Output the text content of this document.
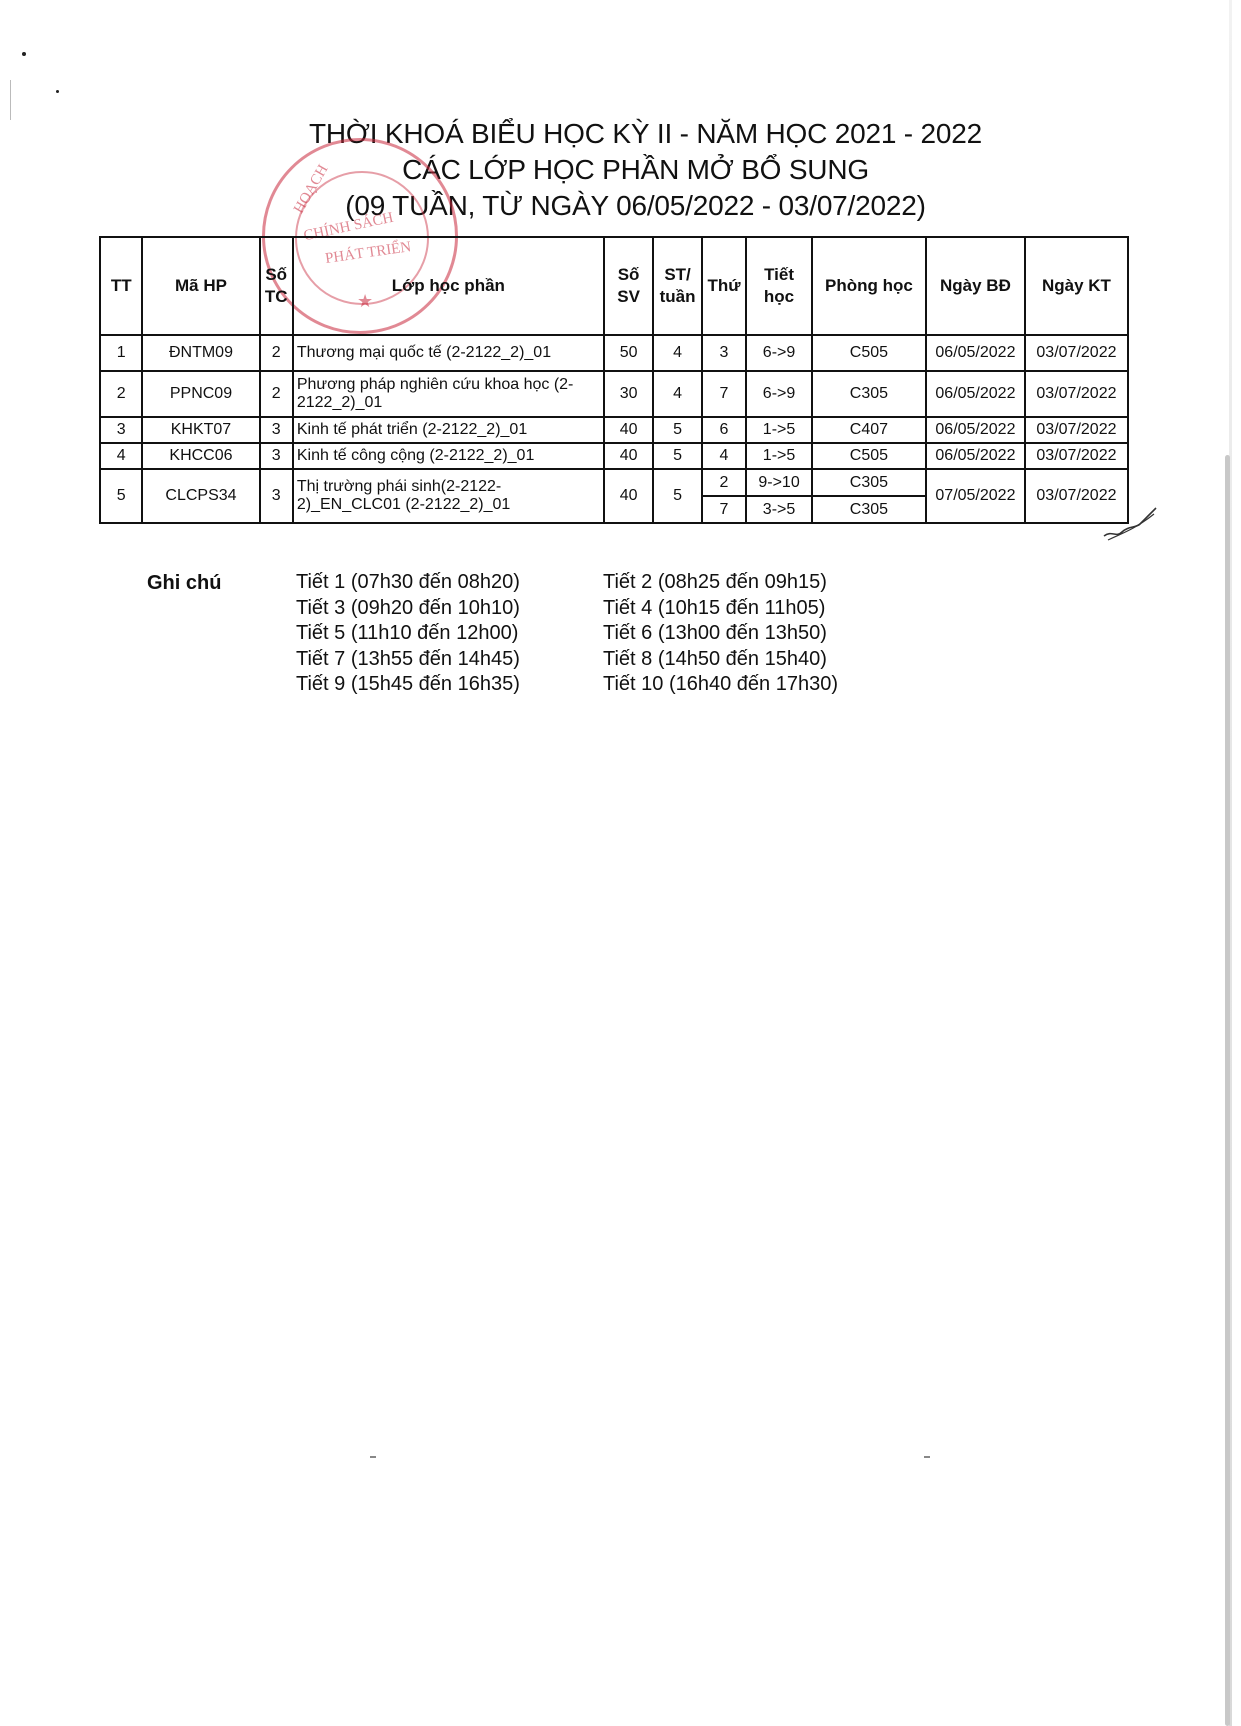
THỜI KHOÁ BIỂU HỌC KỲ II - NĂM HỌC 2021 - 2022
CÁC LỚP HỌC PHẦN MỞ BỔ SUNG
(09 TUẦN, TỪ NGÀY 06/05/2022 - 03/07/2022)
HOẠCH
CHÍNH SÁCH
PHÁT TRIỂN
★
TT	Mã HP	Số TC	Lớp học phần	Số SV	ST/ tuần	Thứ	Tiết học	Phòng học	Ngày BĐ	Ngày KT
1	ĐNTM09	2	Thương mại quốc tế (2-2122_2)_01	50	4	3	6->9	C505	06/05/2022	03/07/2022
2	PPNC09	2	Phương pháp nghiên cứu khoa học (2-2122_2)_01	30	4	7	6->9	C305	06/05/2022	03/07/2022
3	KHKT07	3	Kinh tế phát triển (2-2122_2)_01	40	5	6	1->5	C407	06/05/2022	03/07/2022
4	KHCC06	3	Kinh tế công cộng (2-2122_2)_01	40	5	4	1->5	C505	06/05/2022	03/07/2022
5	CLCPS34	3	Thị trường phái sinh(2-2122-2)_EN_CLC01 (2-2122_2)_01	40	5	2	9->10	C305	07/05/2022	03/07/2022
						7	3->5	C305		
Ghi chú	Tiết 1 (07h30 đến 08h20)
Tiết 3 (09h20 đến 10h10)
Tiết 5 (11h10 đến 12h00)
Tiết 7 (13h55 đến 14h45)
Tiết 9 (15h45 đến 16h35)
Tiết 2 (08h25 đến 09h15)
Tiết 4 (10h15 đến 11h05)
Tiết 6 (13h00 đến 13h50)
Tiết 8 (14h50 đến 15h40)
Tiết 10 (16h40 đến 17h30)
